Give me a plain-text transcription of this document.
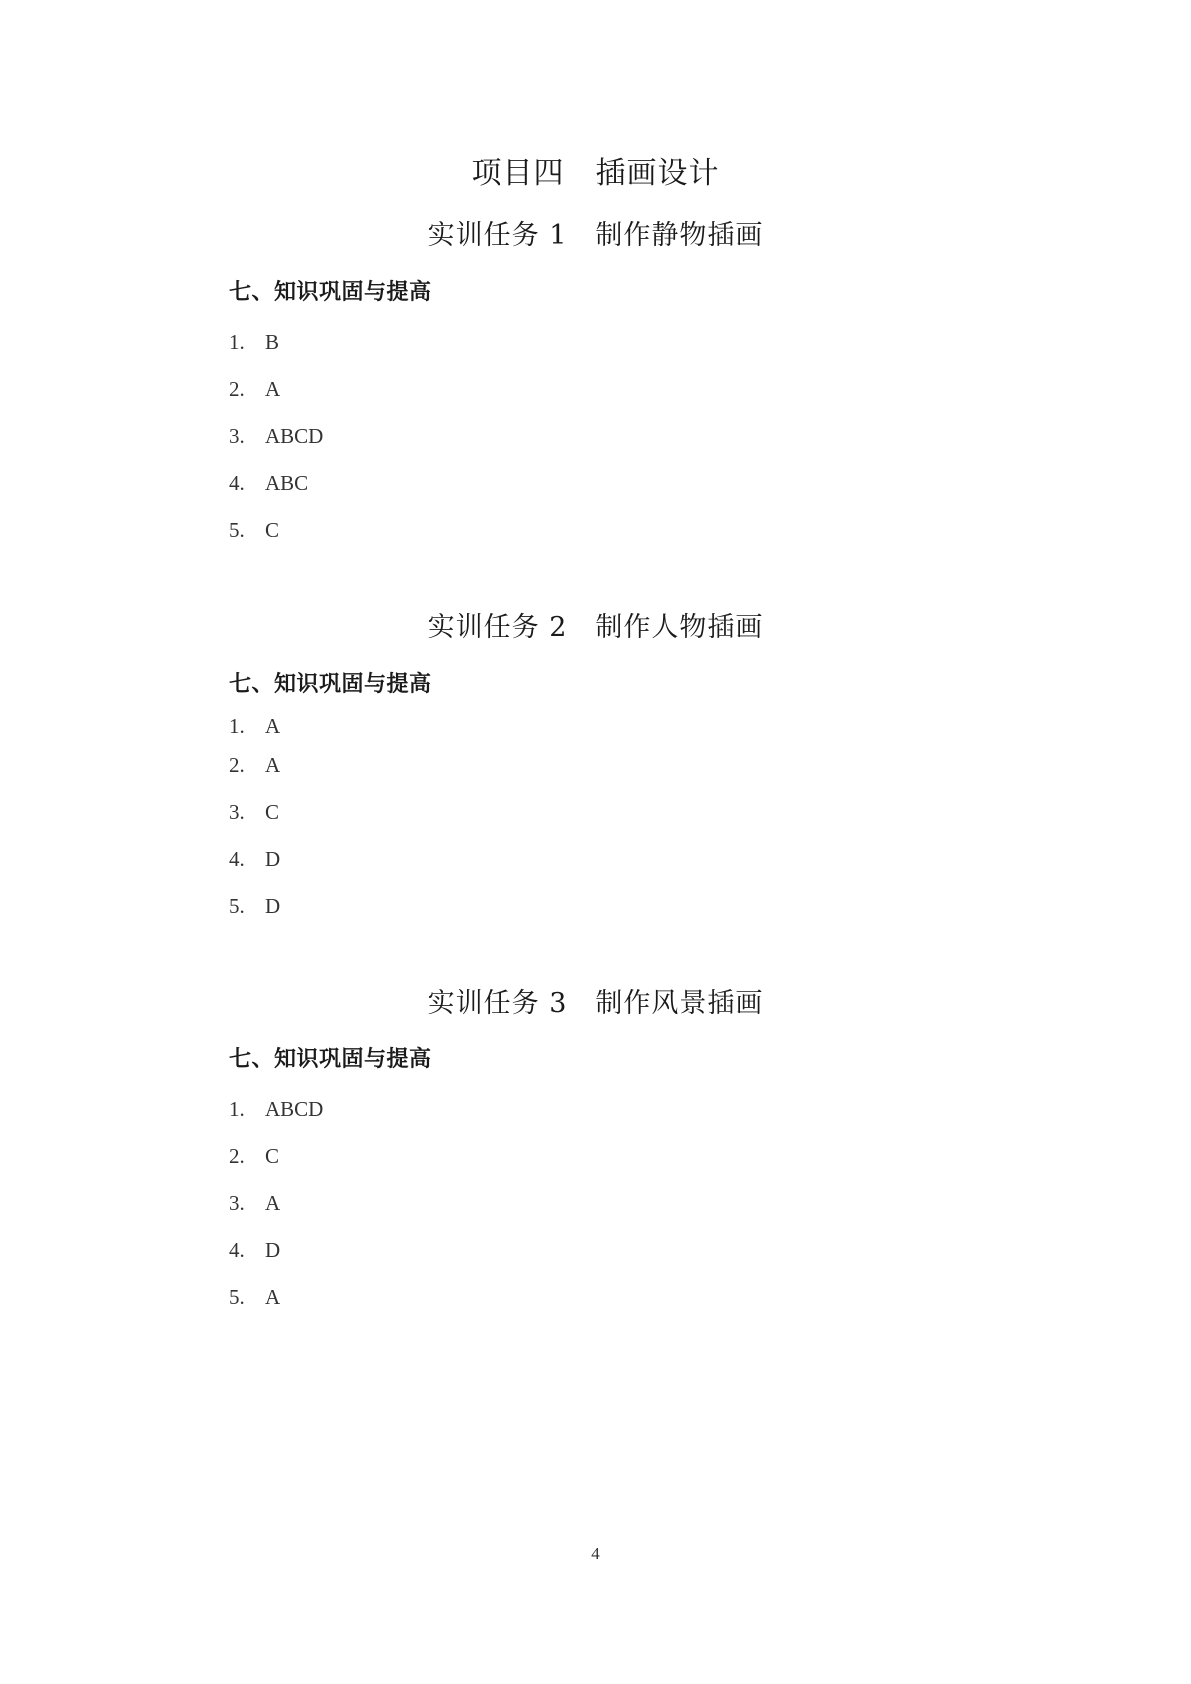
项目四　插画设计
实训任务 1　制作静物插画
七、知识巩固与提高
1. B
2. A
3. ABCD
4. ABC
5. C
实训任务 2　制作人物插画
七、知识巩固与提高
1. A
2. A
3. C
4. D
5. D
实训任务 3　制作风景插画
七、知识巩固与提高
1. ABCD
2. C
3. A
4. D
5. A
4
